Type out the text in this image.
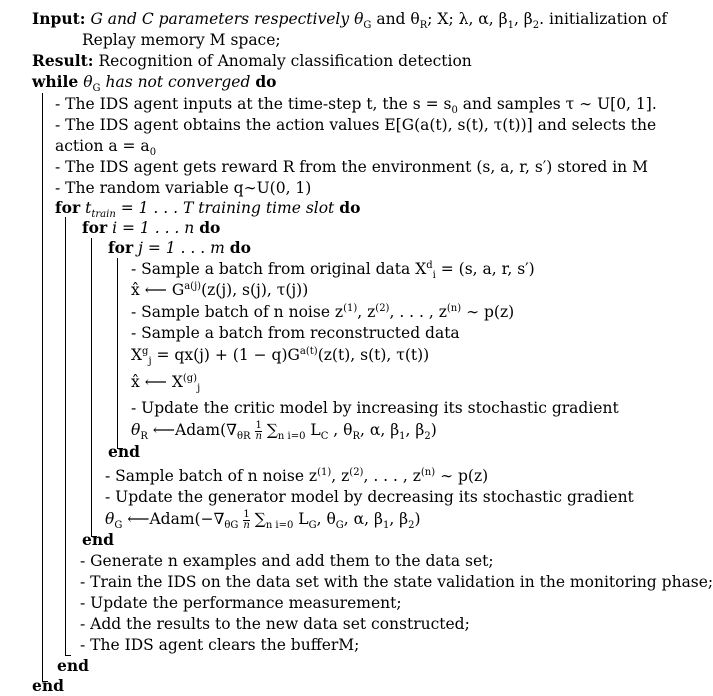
Input: G and C parameters respectively $\theta_G$ and $\theta_R$; X; λ, α, $\beta_1$, $\beta_2$. initialization of
Replay memory M space;
Result: Recognition of Anomaly classification detection
while $\theta_G$ has not converged do
- The IDS agent inputs at the time-step t, the $s = s_0$ and samples τ ∼ U[0, 1].
- The IDS agent obtains the action values E[G(a(t), s(t), τ(t))] and selects the
action $a = a_0$
- The IDS agent gets reward R from the environment (s, a, r, s′) stored in M
- The random variable q∼U(0, 1)
for $t_{train} = 1$ . . . T training time slot do
for i = 1 . . . n do
for j = 1 . . . m do
- Sample a batch from original data $X^d_i = (s$, a, r, s′)
x̂ ⟵ $G^{a(j)}(z(j)$, s(j), τ(j))
- Sample batch of n noise $z^{(1)}$, $z^{(2)}$, . . . , $z^{(n)}$ ∼ p(z)
- Sample a batch from reconstructed data
$X^g_j = qx(j) + (1 - q)G^{a(t)}(z(t)$, s(t), τ(t))
x̂ ⟵ $X^{(g)}_j$
- Update the critic model by increasing its stochastic gradient
$\theta_R$ $⟵Adam(\nabla_{\theta R} \frac{1}{n} \sum_{n i=0}$ $L_C$ , $\theta_R$, α, $\beta_1$, $\beta_2$)
end
- Sample batch of n noise $z^{(1)}$, $z^{(2)}$, . . . , $z^{(n)}$ ∼ p(z)
- Update the generator model by decreasing its stochastic gradient
$\theta_G$ $⟵Adam(-\nabla_{\theta G} \frac{1}{n} \sum_{n i=0}$ $L_G$, $\theta_G$, α, $\beta_1$, $\beta_2$)
end
- Generate n examples and add them to the data set;
- Train the IDS on the data set with the state validation in the monitoring phase;
- Update the performance measurement;
- Add the results to the new data set constructed;
- The IDS agent clears the bufferM;
end
end
